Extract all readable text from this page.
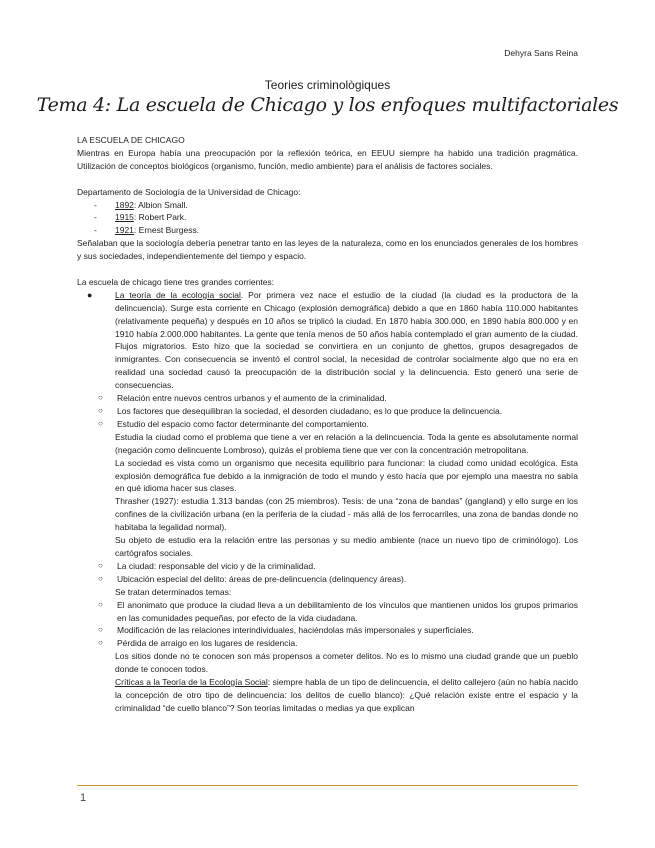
Dehyra Sans Reina
Teories criminològiques
Tema 4: La escuela de Chicago y los enfoques multifactoriales

LA ESCUELA DE CHICAGO

Mientras en Europa había una preocupación por la reflexión teórica, en EEUU siempre ha habido una tradición pragmática. Utilización de conceptos biológicos (organismo, función, medio ambiente) para el análisis de factores sociales.

Departamento de Sociología de la Universidad de Chicago:

- 1892: Albion Small.
- 1915: Robert Park.
- 1921: Ernest Burgess.

Señalaban que la sociología debería penetrar tanto en las leyes de la naturaleza, como en los enunciados generales de los hombres y sus sociedades, independientemente del tiempo y espacio.

La escuela de chicago tiene tres grandes corrientes:

●	La teoría de la ecología social. Por primera vez nace el estudio de la ciudad (la ciudad es la productora de la delincuencia). Surge esta corriente en Chicago (explosión demográfica) debido a que en 1860 había 110.000 habitantes (relativamente pequeña) y después en 10 años se triplicó la ciudad. En 1870 había 300.000, en 1890 había 800.000 y en 1910 había 2.000.000 habitantes. La gente que tenía menos de 50 años había contemplado el gran aumento de la ciudad. Flujos migratorios. Esto hizo que la sociedad se convirtiera en un conjunto de ghettos, grupos desagregados de inmigrantes. Con consecuencia se inventó el control social, la necesidad de controlar socialmente algo que no era en realidad una sociedad causó la preocupación de la distribución social y la delincuencia. Esto generó una serie de consecuencias.

○ Relación entre nuevos centros urbanos y el aumento de la criminalidad.
○ Los factores que desequilibran la sociedad, el desorden ciudadano, es lo que produce la delincuencia.
○ Estudio del espacio como factor determinante del comportamiento.

Estudia la ciudad como el problema que tiene a ver en relación a la delincuencia. Toda la gente es absolutamente normal (negación como delincuente Lombroso), quizás el problema tiene que ver con la concentración metropolitana.

La sociedad es vista como un organismo que necesita equilibrio para funcionar: la ciudad como unidad ecológica. Esta explosión demográfica fue debido a la inmigración de todo el mundo y esto hacía que por ejemplo una maestra no sabía en qué idioma hacer sus clases.

Thrasher (1927): estudia 1.313 bandas (con 25 miembros). Tesis: de una “zona de bandas” (gangland) y ello surge en los confines de la civilización urbana (en la periferia de la ciudad - más allá de los ferrocarriles, una zona de bandas donde no habitaba la legalidad normal).

Su objeto de estudio era la relación entre las personas y su medio ambiente (nace un nuevo tipo de criminólogo). Los cartógrafos sociales.

○ La ciudad: responsable del vicio y de la criminalidad.
○ Ubicación especial del delito: áreas de pre-delincuencia (delinquency áreas).

Se tratan determinados temas:

○ El anonimato que produce la ciudad lleva a un debilitamiento de los vínculos que mantienen unidos los grupos primarios en las comunidades pequeñas, por efecto de la vida ciudadana.
○ Modificación de las relaciones interindividuales, haciéndolas más impersonales y superficiales.
○ Pérdida de arraigo en los lugares de residencia.

Los sitios donde no te conocen son más propensos a cometer delitos. No es lo mismo una ciudad grande que un pueblo donde te conocen todos.

Críticas a la Teoría de la Ecología Social: siempre habla de un tipo de delincuencia, el delito callejero (aún no había nacido la concepción de otro tipo de delincuencia: los delitos de cuello blanco): ¿Qué relación existe entre el espacio y la criminalidad “de cuello blanco”? Son teorías limitadas o medias ya que explican

1
